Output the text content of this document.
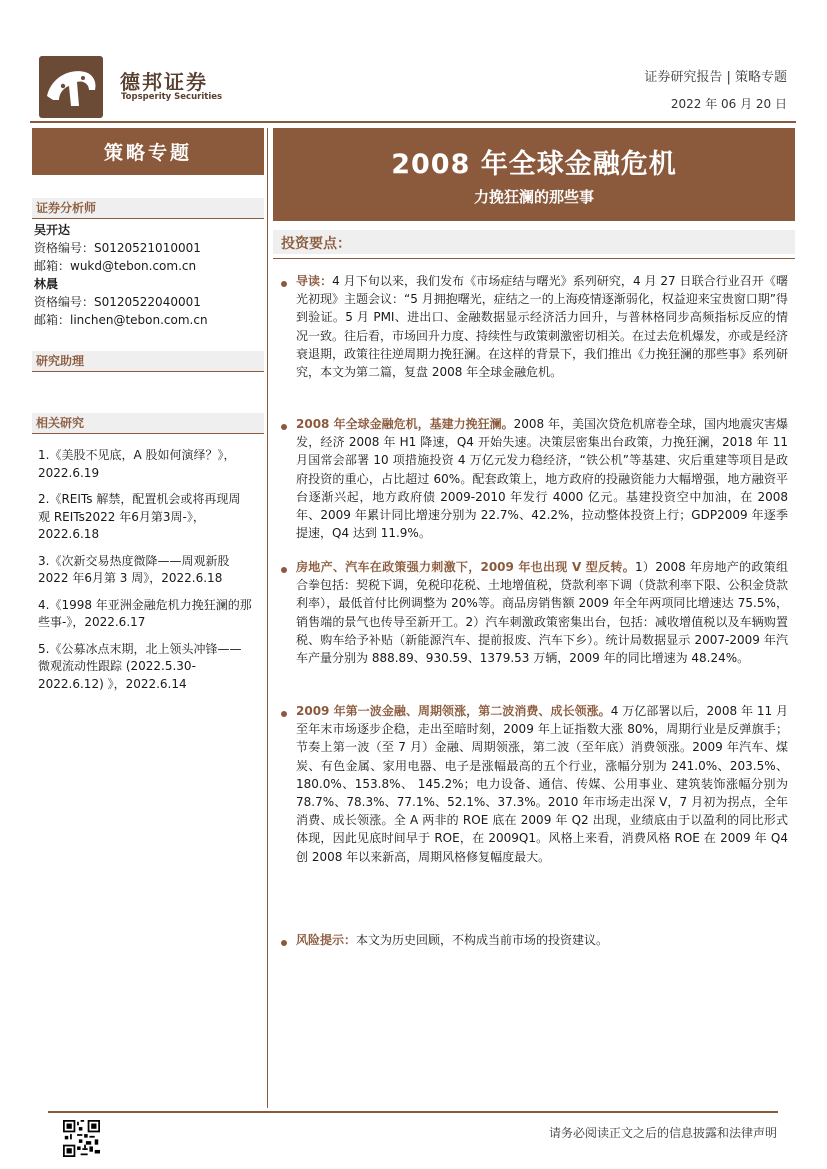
德邦证券
Topsperity Securities
证券研究报告 | 策略专题
2022 年 06 月 20 日
策略专题
证券分析师
吴开达
资格编号：S0120521010001
邮箱：wukd@tebon.com.cn
林晨
资格编号：S0120522040001
邮箱：linchen@tebon.com.cn
研究助理
相关研究
1.《美股不见底，A 股如何演绎？》，2022.6.19
2.《REITs 解禁，配置机会或将再现周观 REITs2022 年6月第3周-》，2022.6.18
3.《次新交易热度微降——周观新股 2022 年6月第 3 周》，2022.6.18
4.《1998 年亚洲金融危机力挽狂澜的那些事-》，2022.6.17
5.《公募冰点末期，北上领头冲锋——微观流动性跟踪 (2022.5.30-2022.6.12) 》，2022.6.14
2008 年全球金融危机
力挽狂澜的那些事
投资要点：
导读：4 月下旬以来，我们发布《市场症结与曙光》系列研究，4 月 27 日联合行业召开《曙光初现》主题会议：“5 月拥抱曙光，症结之一的上海疫情逐渐弱化，权益迎来宝贵窗口期”得到验证。5 月 PMI、进出口、金融数据显示经济活力回升，与普林格同步高频指标反应的情况一致。往后看，市场回升力度、持续性与政策刺激密切相关。在过去危机爆发，亦或是经济衰退期，政策往往逆周期力挽狂澜。在这样的背景下，我们推出《力挽狂澜的那些事》系列研究，本文为第二篇，复盘 2008 年全球金融危机。
2008 年全球金融危机，基建力挽狂澜。2008 年，美国次贷危机席卷全球，国内地震灾害爆发，经济 2008 年 H1 降速，Q4 开始失速。决策层密集出台政策，力挽狂澜，2018 年 11 月国常会部署 10 项措施投资 4 万亿元发力稳经济，“铁公机”等基建、灾后重建等项目是政府投资的重心，占比超过 60%。配套政策上，地方政府的投融资能力大幅增强，地方融资平台逐渐兴起，地方政府债 2009-2010 年发行 4000 亿元。基建投资空中加油，在 2008 年、2009 年累计同比增速分别为 22.7%、42.2%，拉动整体投资上行；GDP2009 年逐季提速，Q4 达到 11.9%。
房地产、汽车在政策强力刺激下，2009 年也出现 V 型反转。1）2008 年房地产的政策组合拳包括：契税下调，免税印花税、土地增值税，贷款利率下调（贷款利率下限、公积金贷款利率），最低首付比例调整为 20%等。商品房销售额 2009 年全年两项同比增速达 75.5%，销售端的景气也传导至新开工。2）汽车刺激政策密集出台，包括：减收增值税以及车辆购置税、购车给予补贴（新能源汽车、提前报废、汽车下乡）。统计局数据显示 2007-2009 年汽车产量分别为 888.89、930.59、1379.53 万辆，2009 年的同比增速为 48.24%。
2009 年第一波金融、周期领涨，第二波消费、成长领涨。4 万亿部署以后，2008 年 11 月至年末市场逐步企稳，走出至暗时刻，2009 年上证指数大涨 80%，周期行业是反弹旗手；节奏上第一波（至 7 月）金融、周期领涨，第二波（至年底）消费领涨。2009 年汽车、煤炭、有色金属、家用电器、电子是涨幅最高的五个行业，涨幅分别为 241.0%、203.5%、180.0%、153.8%、 145.2%；电力设备、通信、传媒、公用事业、建筑装饰涨幅分别为 78.7%、78.3%、77.1%、52.1%、37.3%。2010 年市场走出深 V，7 月初为拐点，全年消费、成长领涨。全 A 两非的 ROE 底在 2009 年 Q2 出现，业绩底由于以盈利的同比形式体现，因此见底时间早于 ROE，在 2009Q1。风格上来看，消费风格 ROE 在 2009 年 Q4 创 2008 年以来新高，周期风格修复幅度最大。
风险提示：本文为历史回顾，不构成当前市场的投资建议。
请务必阅读正文之后的信息披露和法律声明
